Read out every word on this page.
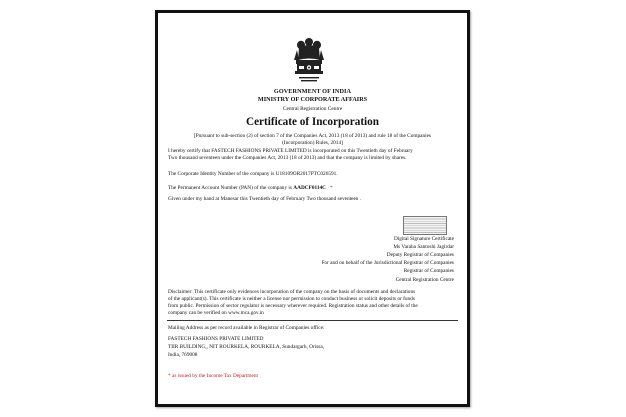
GOVERNMENT OF INDIA
MINISTRY OF CORPORATE AFFAIRS
Central Registration Centre
Certificate of Incorporation
[Pursuant to sub-section (2) of section 7 of the Companies Act, 2013 (18 of 2013) and rule 18 of the Companies
(Incorporation) Rules, 2014]
I hereby certify that FASTECH FASHIONS PRIVATE LIMITED is incorporated on this Twentieth day of February
Two thousand seventeen under the Companies Act, 2013 (18 of 2013) and that the company is limited by shares.
The Corporate Identity Number of the company is U18109OR2017PTC026591.
The Permanent Account Number (PAN) of the company is AADCF0114C *
Given under my hand at Manesar this Twentieth day of February Two thousand seventeen .
Digital Signature Certificate
Ms Varaha Santoshi Jagirdar
Deputy Registrar of Companies
For and on behalf of the Jurisdictional Registrar of Companies
Registrar of Companies
Central Registration Centre
Disclaimer: This certificate only evidences incorporation of the company on the basis of documents and declarations
of the applicant(s). This certificate is neither a license nor permission to conduct business or solicit deposits or funds
from public. Permission of sector regulator is necessary wherever required. Registration status and other details of the
company can be verified on www.mca.gov.in
Mailing Address as per record available in Registrar of Companies office:
FASTECH FASHIONS PRIVATE LIMITED
TIIR BUILDING,, NIT ROURKELA, ROURKELA, Sundargarh, Orissa,
India, 769008
* as issued by the Income Tax Department
